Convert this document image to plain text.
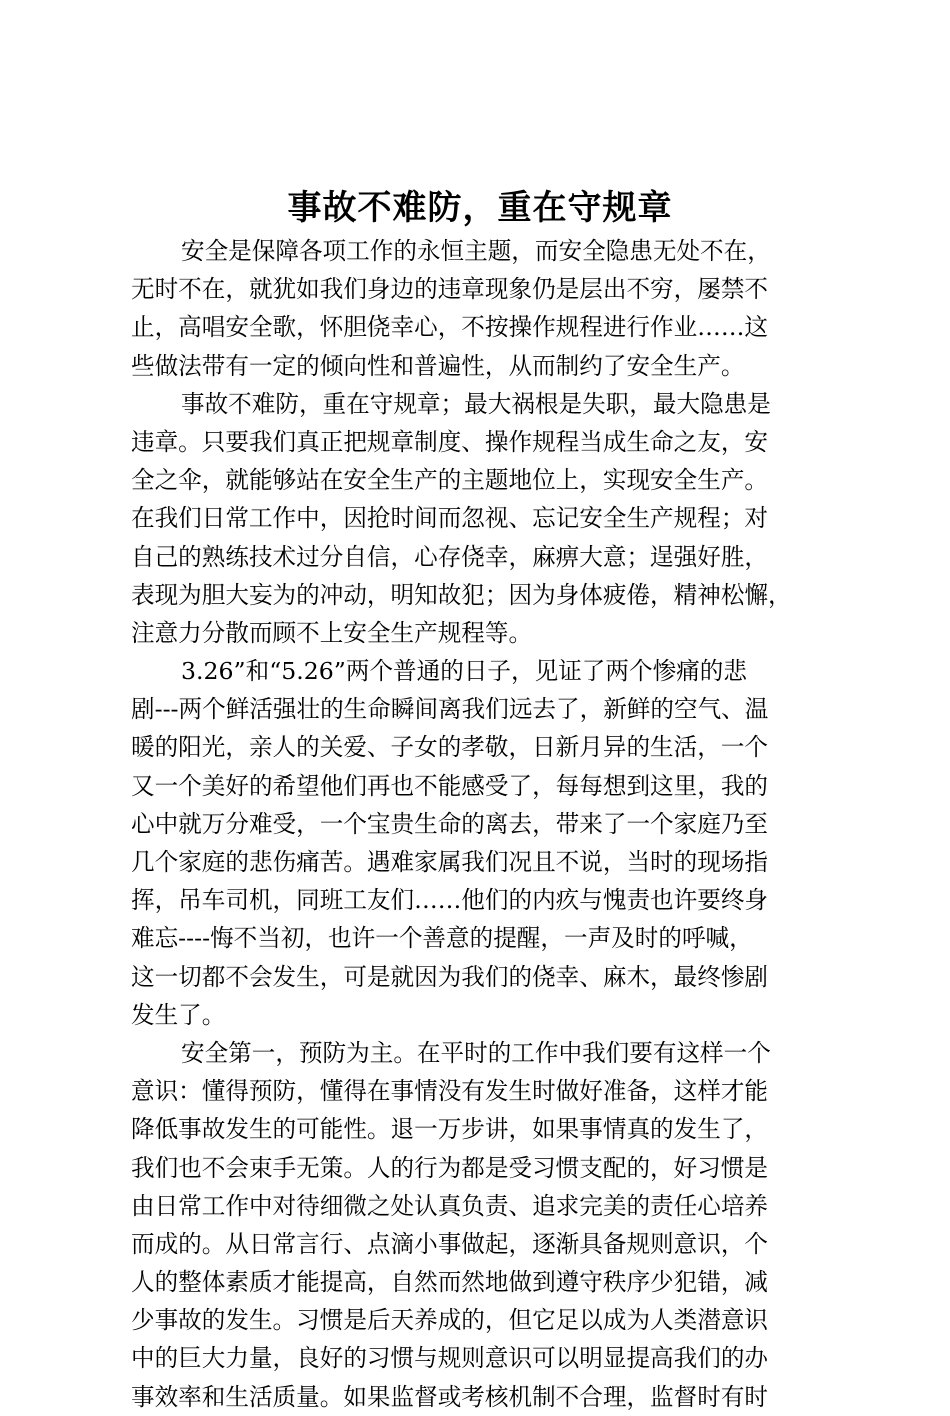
事故不难防，重在守规章
安全是保障各项工作的永恒主题，而安全隐患无处不在，
无时不在，就犹如我们身边的违章现象仍是层出不穷，屡禁不
止，高唱安全歌，怀胆侥幸心，不按操作规程进行作业……这
些做法带有一定的倾向性和普遍性，从而制约了安全生产。
事故不难防，重在守规章；最大祸根是失职，最大隐患是
违章。只要我们真正把规章制度、操作规程当成生命之友，安
全之伞，就能够站在安全生产的主题地位上，实现安全生产。
在我们日常工作中，因抢时间而忽视、忘记安全生产规程；对
自己的熟练技术过分自信，心存侥幸，麻痹大意；逞强好胜，
表现为胆大妄为的冲动，明知故犯；因为身体疲倦，精神松懈，
注意力分散而顾不上安全生产规程等。
3.26”和“5.26”两个普通的日子，见证了两个惨痛的悲
剧---两个鲜活强壮的生命瞬间离我们远去了，新鲜的空气、温
暖的阳光，亲人的关爱、子女的孝敬，日新月异的生活，一个
又一个美好的希望他们再也不能感受了，每每想到这里，我的
心中就万分难受，一个宝贵生命的离去，带来了一个家庭乃至
几个家庭的悲伤痛苦。遇难家属我们况且不说，当时的现场指
挥，吊车司机，同班工友们……他们的内疚与愧责也许要终身
难忘----悔不当初，也许一个善意的提醒，一声及时的呼喊，
这一切都不会发生，可是就因为我们的侥幸、麻木，最终惨剧
发生了。
安全第一，预防为主。在平时的工作中我们要有这样一个
意识：懂得预防，懂得在事情没有发生时做好准备，这样才能
降低事故发生的可能性。退一万步讲，如果事情真的发生了，
我们也不会束手无策。人的行为都是受习惯支配的，好习惯是
由日常工作中对待细微之处认真负责、追求完美的责任心培养
而成的。从日常言行、点滴小事做起，逐渐具备规则意识，个
人的整体素质才能提高，自然而然地做到遵守秩序少犯错，减
少事故的发生。习惯是后天养成的，但它足以成为人类潜意识
中的巨大力量，良好的习惯与规则意识可以明显提高我们的办
事效率和生活质量。如果监督或考核机制不合理，监督时有时
